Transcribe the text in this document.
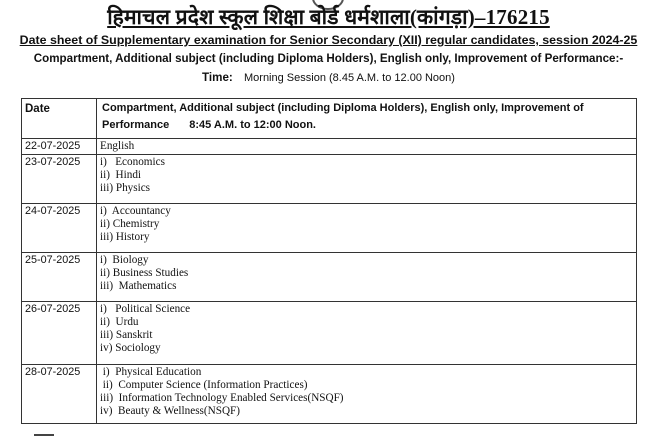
हिमाचल प्रदेश स्कूल शिक्षा बोर्ड धर्मशाला(कांगड़ा)–176215
Date sheet of Supplementary examination for Senior Secondary (XII) regular candidates, session 2024-25
Compartment, Additional subject (including Diploma Holders), English only, Improvement of Performance:-
Time: Morning Session (8.45 A.M. to 12.00 Noon)
Date	Compartment, Additional subject (including Diploma Holders), English only, Improvement of
Performance 8:45 A.M. to 12:00 Noon.

22-07-2025	English

23-07-2025	i)   Economics
ii)  Hindi
iii) Physics

24-07-2025	i)  Accountancy
ii) Chemistry
iii) History

25-07-2025	i)  Biology
ii) Business Studies
iii)  Mathematics

26-07-2025	i)   Political Science
ii)  Urdu
iii) Sanskrit
iv) Sociology

28-07-2025	i)  Physical Education
ii)  Computer Science (Information Practices)
iii)  Information Technology Enabled Services(NSQF)
iv)  Beauty & Wellness(NSQF)
